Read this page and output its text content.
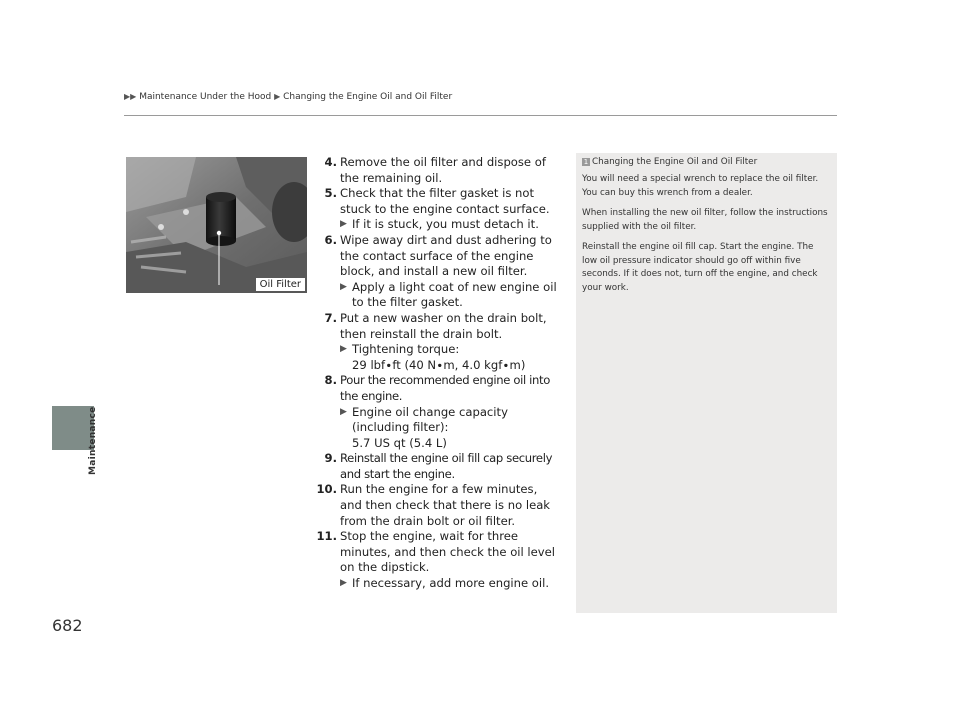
▶▶ Maintenance Under the Hood ▶ Changing the Engine Oil and Oil Filter
Maintenance
682
Oil Filter
4. Remove the oil filter and dispose of the remaining oil.

5. Check that the filter gasket is not stuck to the engine contact surface.

▶ If it is stuck, you must detach it.

6. Wipe away dirt and dust adhering to the contact surface of the engine block, and install a new oil filter.

▶ Apply a light coat of new engine oil to the filter gasket.

7. Put a new washer on the drain bolt, then reinstall the drain bolt.

▶ Tightening torque:

29 lbf∙ft (40 N∙m, 4.0 kgf∙m)

8. Pour the recommended engine oil into the engine.

▶ Engine oil change capacity (including filter):

5.7 US qt (5.4 L)

9. Reinstall the engine oil fill cap securely and start the engine.

10. Run the engine for a few minutes, and then check that there is no leak from the drain bolt or oil filter.

11. Stop the engine, wait for three minutes, and then check the oil level on the dipstick.

▶ If necessary, add more engine oil.

1 Changing the Engine Oil and Oil Filter

You will need a special wrench to replace the oil filter. You can buy this wrench from a dealer.

When installing the new oil filter, follow the instructions supplied with the oil filter.

Reinstall the engine oil fill cap. Start the engine. The low oil pressure indicator should go off within five seconds. If it does not, turn off the engine, and check your work.
